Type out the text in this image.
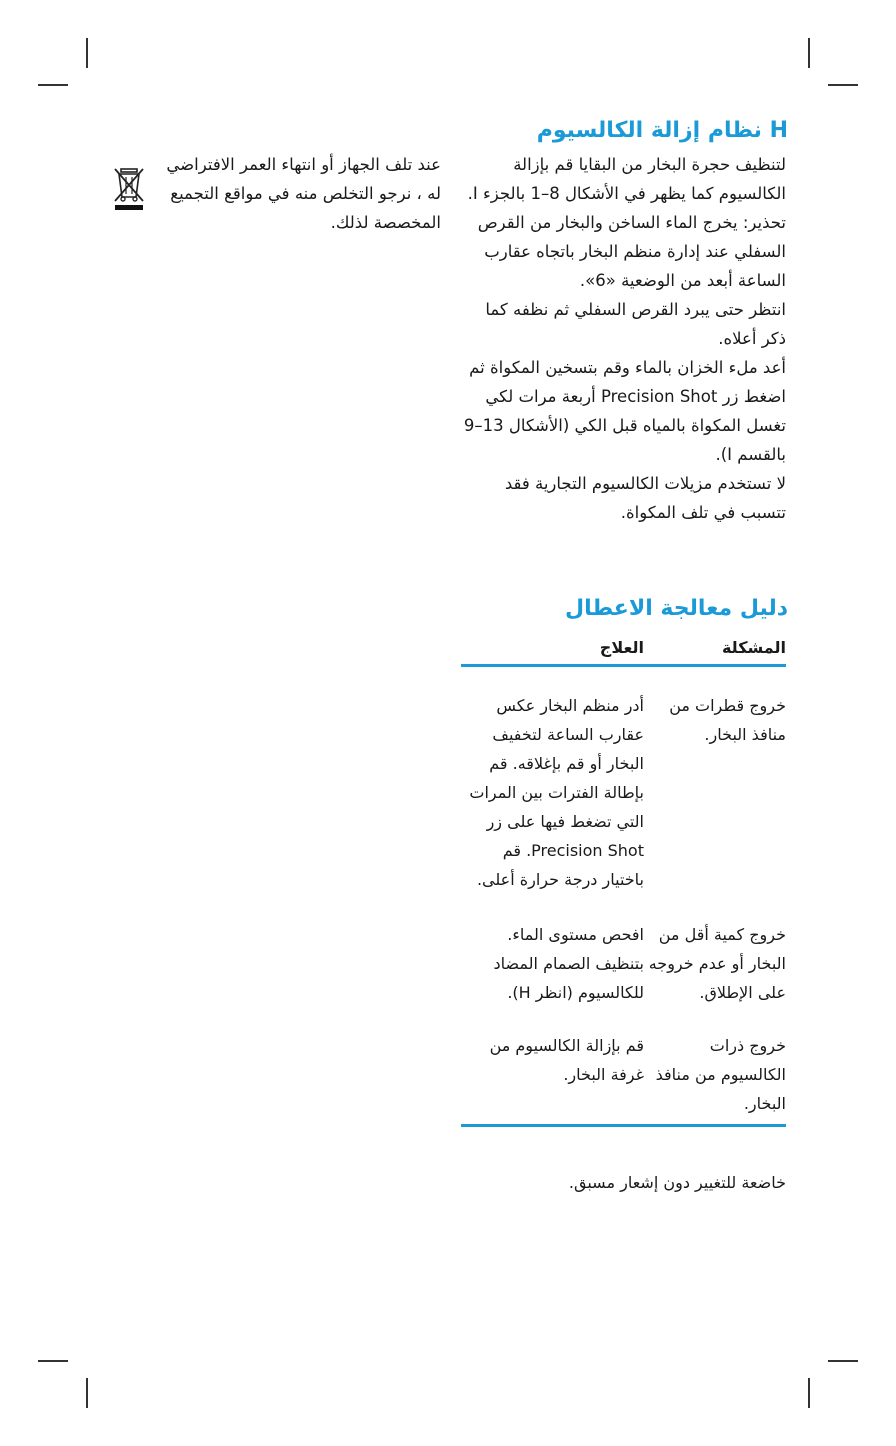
H نظام إزالة الكالسيوم
لتنظيف حجرة البخار من البقايا قم بإزالة الكالسيوم كما يظهر في الأشكال 8–1 بالجزء I.
تحذير: يخرج الماء الساخن والبخار من القرص السفلي عند إدارة منظم البخار باتجاه عقارب الساعة أبعد من الوضعية «6».
انتظر حتى يبرد القرص السفلي ثم نظفه كما ذكر أعلاه.
أعد ملء الخزان بالماء وقم بتسخين المكواة ثم اضغط زر Precision Shot أربعة مرات لكي تغسل المكواة بالمياه قبل الكي (الأشكال 13–9 بالقسم I).
لا تستخدم مزيلات الكالسيوم التجارية فقد تتسبب في تلف المكواة.
عند تلف الجهاز أو انتهاء العمر الافتراضي له ، نرجو التخلص منه في مواقع التجميع المخصصة لذلك.
دليل معالجة الاعطال
المشكلة
العلاج
خروج قطرات من منافذ البخار.
أدر منظم البخار عكس عقارب الساعة لتخفيف البخار أو قم بإغلاقه. قم بإطالة الفترات بين المرات التي تضغط فيها على زر Precision Shot. قم باختيار درجة حرارة أعلى.
خروج كمية أقل من البخار أو عدم خروجه على الإطلاق.
افحص مستوى الماء. بتنظيف الصمام المضاد للكالسيوم (انظر H).
خروج ذرات الكالسيوم من منافذ البخار.
قم بإزالة الكالسيوم من غرفة البخار.
خاضعة للتغيير دون إشعار مسبق.
